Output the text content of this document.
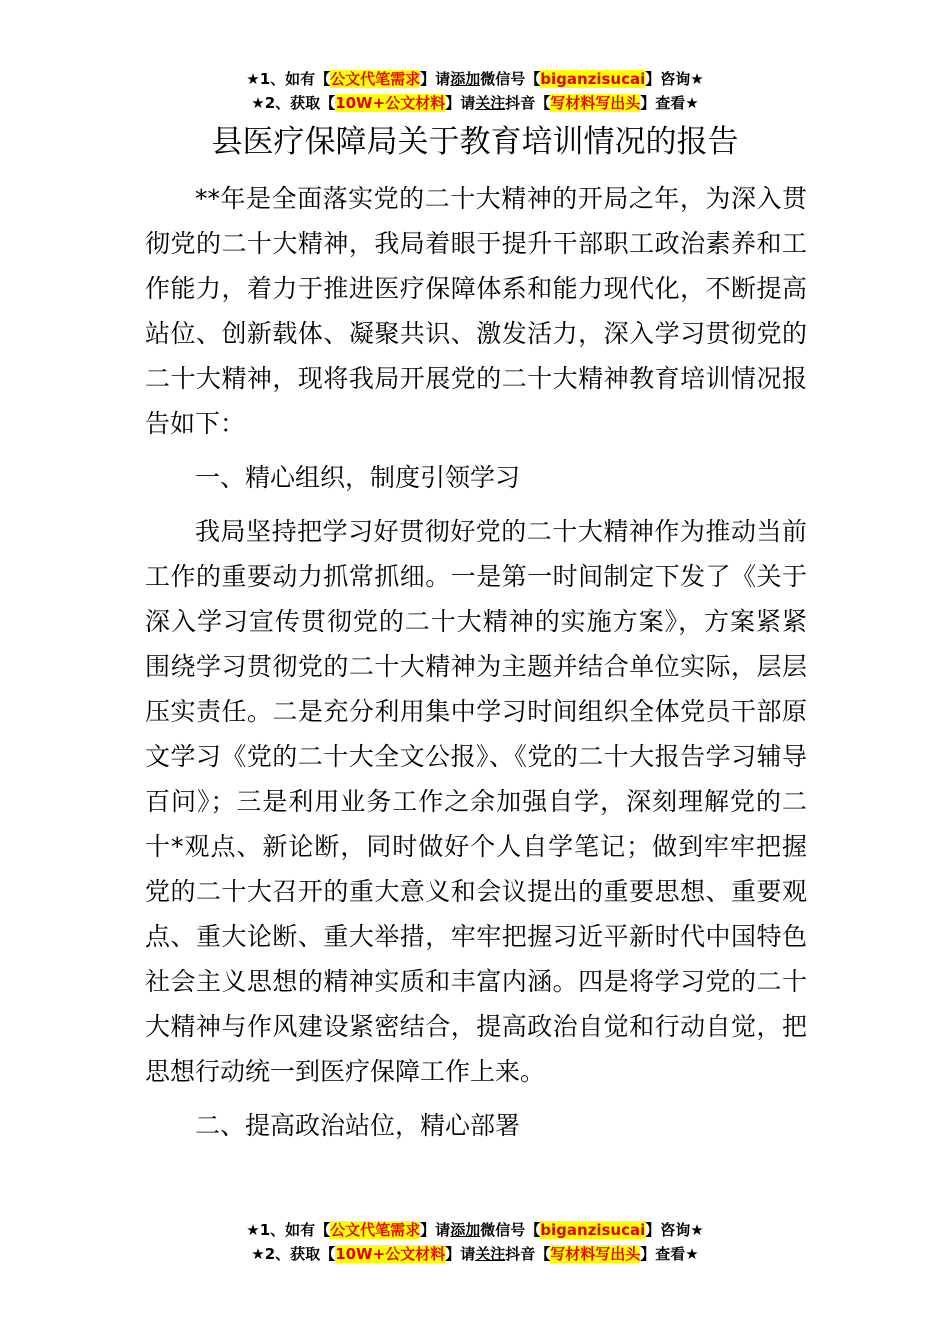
★1、如有【公文代笔需求】请添加微信号【biganzisucai】咨询★
★2、获取【10W+公文材料】请关注抖音【写材料写出头】查看★
县医疗保障局关于教育培训情况的报告

**年是全面落实党的二十大精神的开局之年，为深入贯彻党的二十大精神，我局着眼于提升干部职工政治素养和工作能力，着力于推进医疗保障体系和能力现代化，不断提高站位、创新载体、凝聚共识、激发活力，深入学习贯彻党的二十大精神，现将我局开展党的二十大精神教育培训情况报告如下：

一、精心组织，制度引领学习

我局坚持把学习好贯彻好党的二十大精神作为推动当前工作的重要动力抓常抓细。一是第一时间制定下发了《关于深入学习宣传贯彻党的二十大精神的实施方案》，方案紧紧围绕学习贯彻党的二十大精神为主题并结合单位实际，层层压实责任。二是充分利用集中学习时间组织全体党员干部原文学习《党的二十大全文公报》、《党的二十大报告学习辅导百问》；三是利用业务工作之余加强自学，深刻理解党的二十*观点、新论断，同时做好个人自学笔记；做到牢牢把握党的二十大召开的重大意义和会议提出的重要思想、重要观点、重大论断、重大举措，牢牢把握习近平新时代中国特色社会主义思想的精神实质和丰富内涵。四是将学习党的二十大精神与作风建设紧密结合，提高政治自觉和行动自觉，把思想行动统一到医疗保障工作上来。

二、提高政治站位，精心部署

★1、如有【公文代笔需求】请添加微信号【biganzisucai】咨询★
★2、获取【10W+公文材料】请关注抖音【写材料写出头】查看★
